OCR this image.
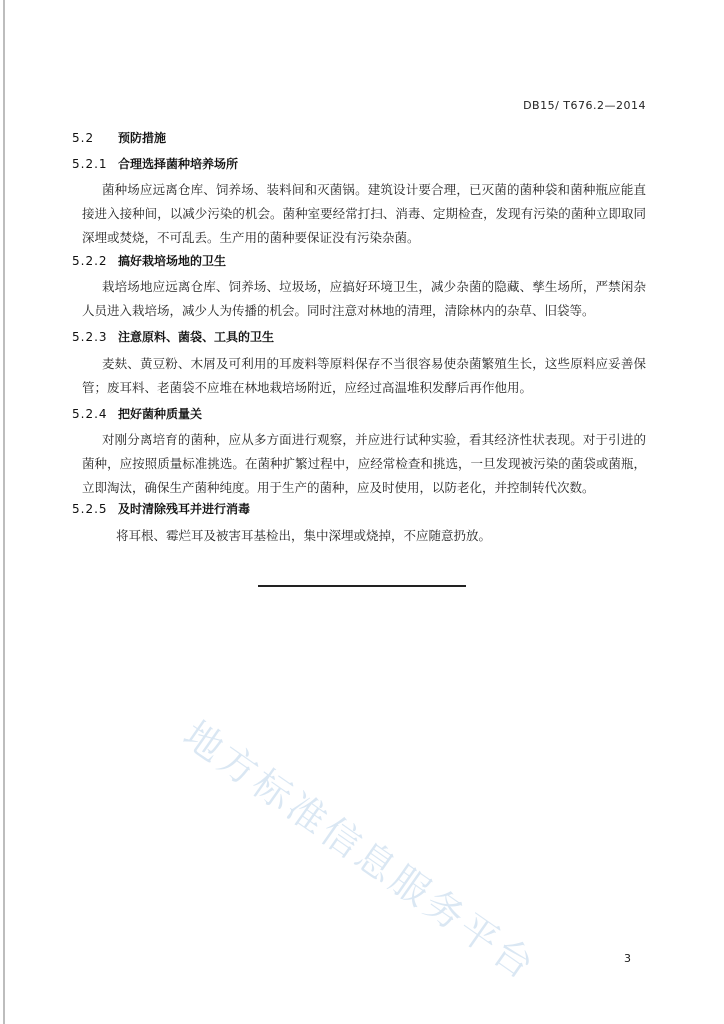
DB15/ T676.2—2014
5.2 预防措施
5.2.1 合理选择菌种培养场所
菌种场应远离仓库、饲养场、装料间和灭菌锅。建筑设计要合理，已灭菌的菌种袋和菌种瓶应能直接进入接种间，以减少污染的机会。菌种室要经常打扫、消毒、定期检查，发现有污染的菌种立即取同深埋或焚烧，不可乱丢。生产用的菌种要保证没有污染杂菌。
5.2.2 搞好栽培场地的卫生
栽培场地应远离仓库、饲养场、垃圾场，应搞好环境卫生，减少杂菌的隐藏、孳生场所，严禁闲杂人员进入栽培场，减少人为传播的机会。同时注意对林地的清理，清除林内的杂草、旧袋等。
5.2.3 注意原料、菌袋、工具的卫生
麦麸、黄豆粉、木屑及可利用的耳废料等原料保存不当很容易使杂菌繁殖生长，这些原料应妥善保管；废耳料、老菌袋不应堆在林地栽培场附近，应经过高温堆积发酵后再作他用。
5.2.4 把好菌种质量关
对刚分离培育的菌种，应从多方面进行观察，并应进行试种实验，看其经济性状表现。对于引进的菌种，应按照质量标准挑选。在菌种扩繁过程中，应经常检查和挑选，一旦发现被污染的菌袋或菌瓶，立即淘汰，确保生产菌种纯度。用于生产的菌种，应及时使用，以防老化，并控制转代次数。
5.2.5 及时清除残耳并进行消毒
将耳根、霉烂耳及被害耳基检出，集中深埋或烧掉，不应随意扔放。
地方标准信息服务平台	3
